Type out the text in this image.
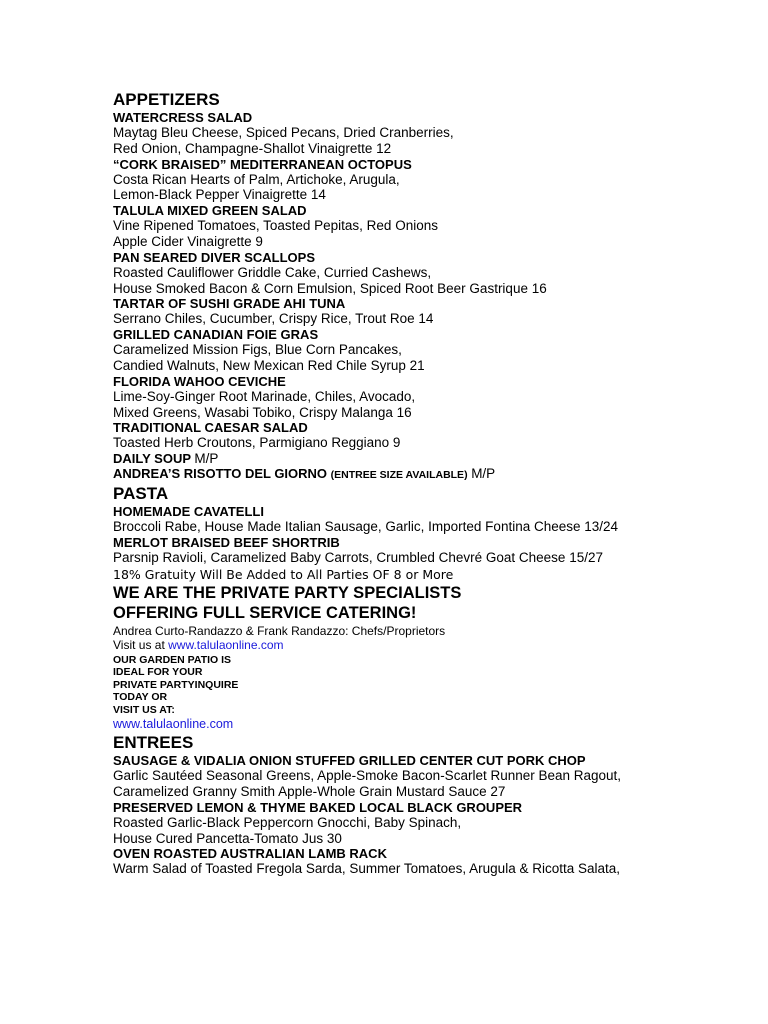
APPETIZERS
WATERCRESS SALAD
Maytag Bleu Cheese, Spiced Pecans, Dried Cranberries,
Red Onion, Champagne-Shallot Vinaigrette 12
“CORK BRAISED” MEDITERRANEAN OCTOPUS
Costa Rican Hearts of Palm, Artichoke, Arugula,
Lemon-Black Pepper Vinaigrette 14
TALULA MIXED GREEN SALAD
Vine Ripened Tomatoes, Toasted Pepitas, Red Onions
Apple Cider Vinaigrette 9
PAN SEARED DIVER SCALLOPS
Roasted Cauliflower Griddle Cake, Curried Cashews,
House Smoked Bacon & Corn Emulsion, Spiced Root Beer Gastrique 16
TARTAR OF SUSHI GRADE AHI TUNA
Serrano Chiles, Cucumber, Crispy Rice, Trout Roe 14
GRILLED CANADIAN FOIE GRAS
Caramelized Mission Figs, Blue Corn Pancakes,
Candied Walnuts, New Mexican Red Chile Syrup 21
FLORIDA WAHOO CEVICHE
Lime-Soy-Ginger Root Marinade, Chiles, Avocado,
Mixed Greens, Wasabi Tobiko, Crispy Malanga 16
TRADITIONAL CAESAR SALAD
Toasted Herb Croutons, Parmigiano Reggiano 9
DAILY SOUP M/P
ANDREA’S RISOTTO DEL GIORNO (ENTREE SIZE AVAILABLE) M/P
PASTA
HOMEMADE CAVATELLI
Broccoli Rabe, House Made Italian Sausage, Garlic, Imported Fontina Cheese 13/24
MERLOT BRAISED BEEF SHORTRIB
Parsnip Ravioli, Caramelized Baby Carrots, Crumbled Chevré Goat Cheese 15/27
18% Gratuity Will Be Added to All Parties OF 8 or More
WE ARE THE PRIVATE PARTY SPECIALISTS
OFFERING FULL SERVICE CATERING!
Andrea Curto-Randazzo & Frank Randazzo: Chefs/Proprietors
Visit us at www.talulaonline.com
OUR GARDEN PATIO IS
IDEAL FOR YOUR
PRIVATE PARTYINQUIRE
TODAY OR
VISIT US AT:
www.talulaonline.com
ENTREES
SAUSAGE & VIDALIA ONION STUFFED GRILLED CENTER CUT PORK CHOP
Garlic Sautéed Seasonal Greens, Apple-Smoke Bacon-Scarlet Runner Bean Ragout,
Caramelized Granny Smith Apple-Whole Grain Mustard Sauce 27
PRESERVED LEMON & THYME BAKED LOCAL BLACK GROUPER
Roasted Garlic-Black Peppercorn Gnocchi, Baby Spinach,
House Cured Pancetta-Tomato Jus 30
OVEN ROASTED AUSTRALIAN LAMB RACK
Warm Salad of Toasted Fregola Sarda, Summer Tomatoes, Arugula & Ricotta Salata,
